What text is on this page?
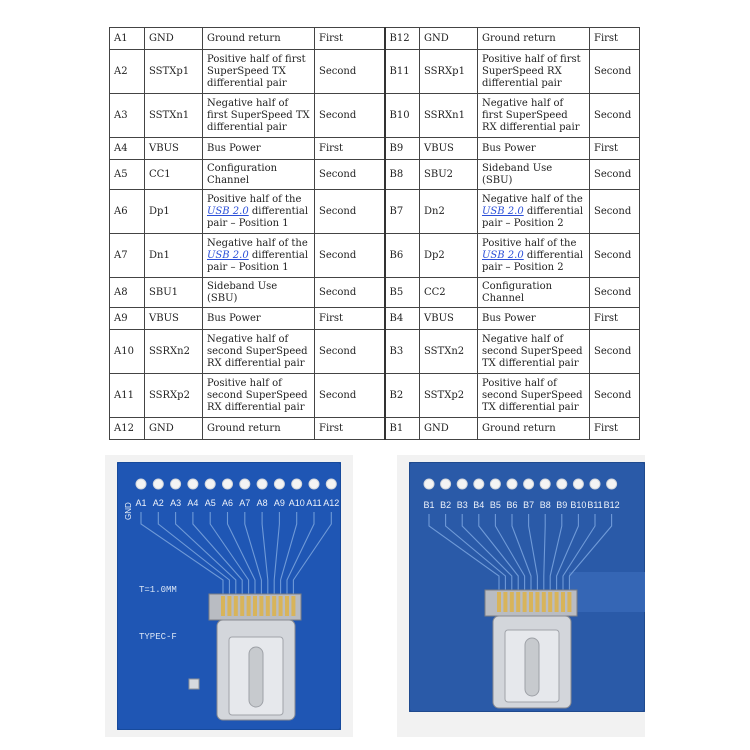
A1	GND	Ground return	First	B12	GND	Ground return	First
A2	SSTXp1	Positive half of first SuperSpeed TX differential pair	Second	B11	SSRXp1	Positive half of first SuperSpeed RX differential pair	Second
A3	SSTXn1	Negative half of first SuperSpeed TX differential pair	Second	B10	SSRXn1	Negative half of first SuperSpeed RX differential pair	Second
A4	VBUS	Bus Power	First	B9	VBUS	Bus Power	First
A5	CC1	Configuration Channel	Second	B8	SBU2	Sideband Use (SBU)	Second
A6	Dp1	Positive half of the USB 2.0 differential pair – Position 1	Second	B7	Dn2	Negative half of the USB 2.0 differential pair – Position 2	Second
A7	Dn1	Negative half of the USB 2.0 differential pair – Position 1	Second	B6	Dp2	Positive half of the USB 2.0 differential pair – Position 2	Second
A8	SBU1	Sideband Use (SBU)	Second	B5	CC2	Configuration Channel	Second
A9	VBUS	Bus Power	First	B4	VBUS	Bus Power	First
A10	SSRXn2	Negative half of second SuperSpeed RX differential pair	Second	B3	SSTXn2	Negative half of second SuperSpeed TX differential pair	Second
A11	SSRXp2	Positive half of second SuperSpeed RX differential pair	Second	B2	SSTXp2	Positive half of second SuperSpeed TX differential pair	Second
A12	GND	Ground return	First	B1	GND	Ground return	First
A1 A2 A3 A4 A5 A6 A7 A8 A9 A10 A11 A12
GND
T=1.0MM
TYPEC-F
B1 B2 B3 B4 B5 B6 B7 B8 B9 B10 B11 B12
